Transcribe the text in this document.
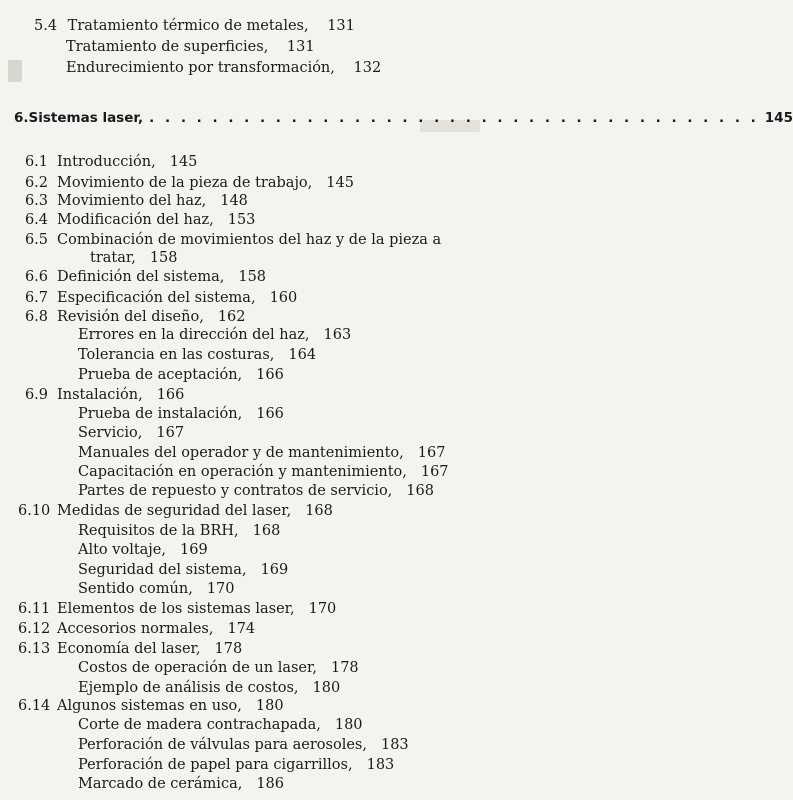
5.4 Tratamiento térmico de metales, 131
Tratamiento de superficies, 131
Endurecimiento por transformación, 132
6. Sistemas laser, . . . . . . . . . . . . . . . . . . . . . . . . . . . . . . . . . . . . . . . 145
6.1 Introducción, 145
6.2 Movimiento de la pieza de trabajo, 145
6.3 Movimiento del haz, 148
6.4 Modificación del haz, 153
6.5 Combinación de movimientos del haz y de la pieza a
tratar, 158
6.6 Definición del sistema, 158
6.7 Especificación del sistema, 160
6.8 Revisión del diseño, 162
Errores en la dirección del haz, 163
Tolerancia en las costuras, 164
Prueba de aceptación, 166
6.9 Instalación, 166
Prueba de instalación, 166
Servicio, 167
Manuales del operador y de mantenimiento, 167
Capacitación en operación y mantenimiento, 167
Partes de repuesto y contratos de servicio, 168
6.10 Medidas de seguridad del laser, 168
Requisitos de la BRH, 168
Alto voltaje, 169
Seguridad del sistema, 169
Sentido común, 170
6.11 Elementos de los sistemas laser, 170
6.12 Accesorios normales, 174
6.13 Economía del laser, 178
Costos de operación de un laser, 178
Ejemplo de análisis de costos, 180
6.14 Algunos sistemas en uso, 180
Corte de madera contrachapada, 180
Perforación de válvulas para aerosoles, 183
Perforación de papel para cigarrillos, 183
Marcado de cerámica, 186
